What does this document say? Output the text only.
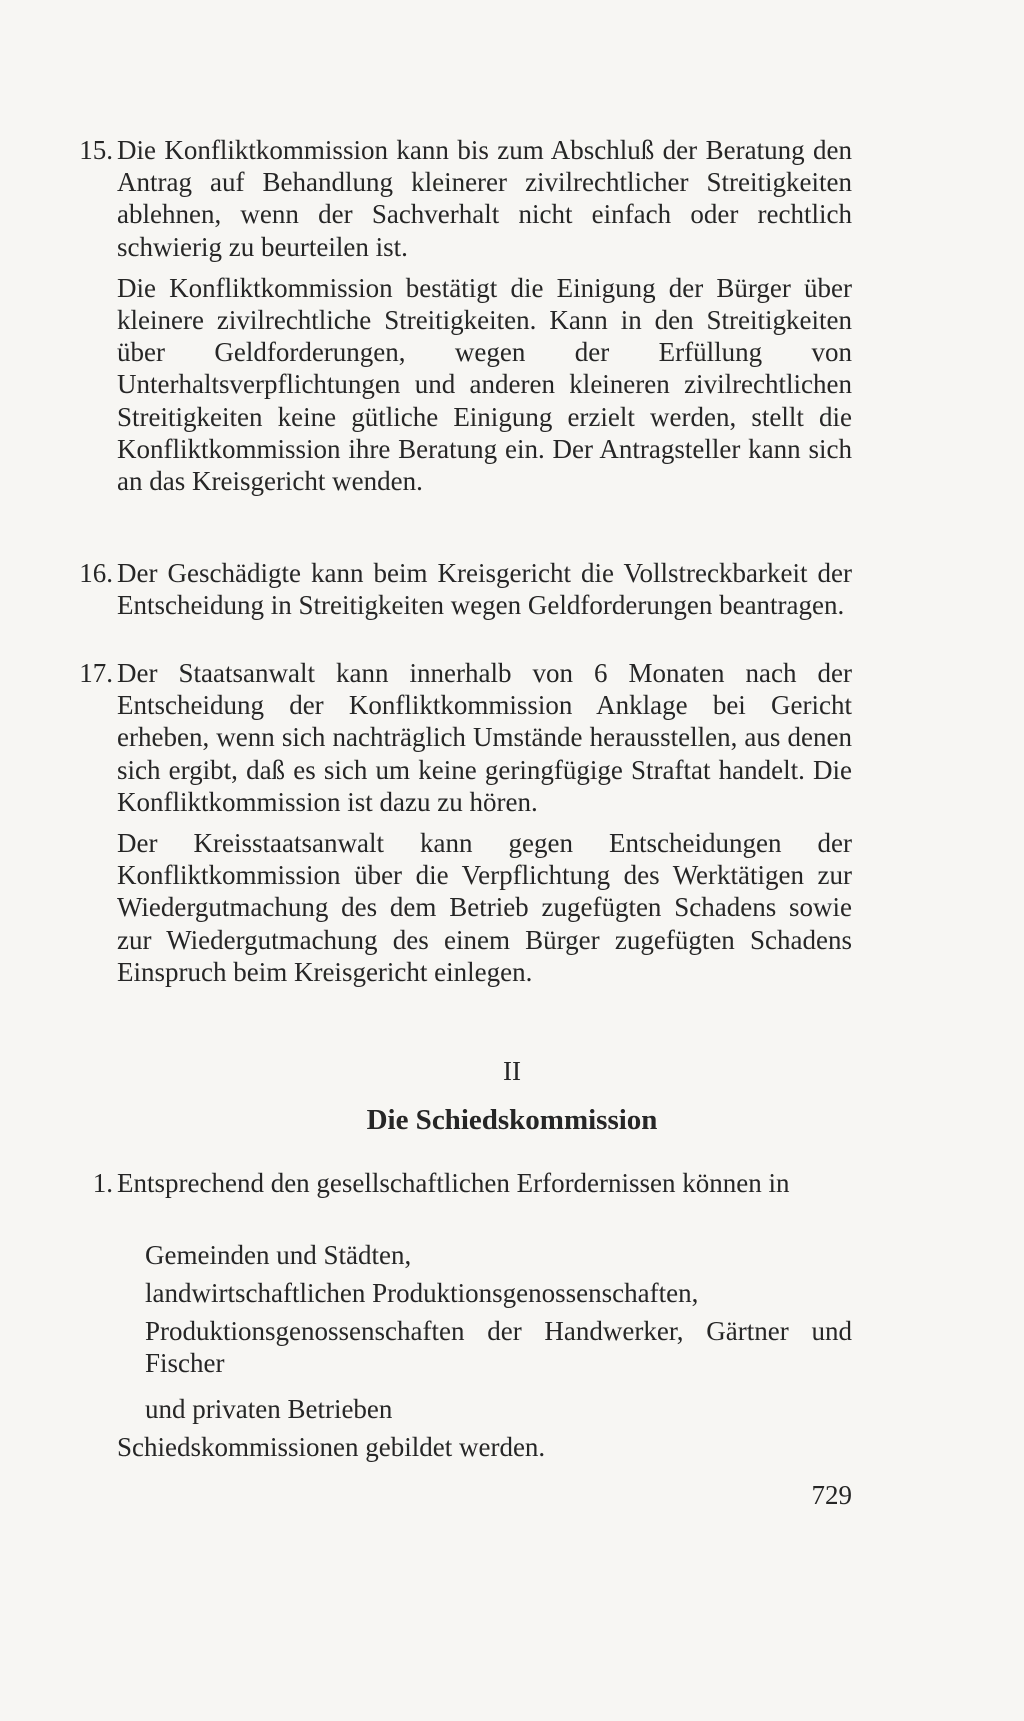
15. Die Konfliktkommission kann bis zum Abschluß der Beratung den Antrag auf Behandlung kleinerer zivilrechtlicher Streitigkeiten ablehnen, wenn der Sachverhalt nicht einfach oder rechtlich schwierig zu beurteilen ist.

Die Konfliktkommission bestätigt die Einigung der Bürger über kleinere zivilrechtliche Streitigkeiten. Kann in den Streitigkeiten über Geldforderungen, wegen der Erfüllung von Unterhaltsverpflichtungen und anderen kleineren zivilrechtlichen Streitigkeiten keine gütliche Einigung erzielt werden, stellt die Konfliktkommission ihre Beratung ein. Der Antragsteller kann sich an das Kreisgericht wenden.

16. Der Geschädigte kann beim Kreisgericht die Vollstreckbarkeit der Entscheidung in Streitigkeiten wegen Geldforderungen beantragen.

17. Der Staatsanwalt kann innerhalb von 6 Monaten nach der Entscheidung der Konfliktkommission Anklage bei Gericht erheben, wenn sich nachträglich Umstände herausstellen, aus denen sich ergibt, daß es sich um keine geringfügige Straftat handelt. Die Konfliktkommission ist dazu zu hören.

Der Kreisstaatsanwalt kann gegen Entscheidungen der Konfliktkommission über die Verpflichtung des Werktätigen zur Wiedergutmachung des dem Betrieb zugefügten Schadens sowie zur Wiedergutmachung des einem Bürger zugefügten Schadens Einspruch beim Kreisgericht einlegen.

II
Die Schiedskommission
1. Entsprechend den gesellschaftlichen Erfordernissen können in

Gemeinden und Städten,
landwirtschaftlichen Produktionsgenossenschaften,
Produktionsgenossenschaften der Handwerker, Gärtner und Fischer
und privaten Betrieben
Schiedskommissionen gebildet werden.
729
